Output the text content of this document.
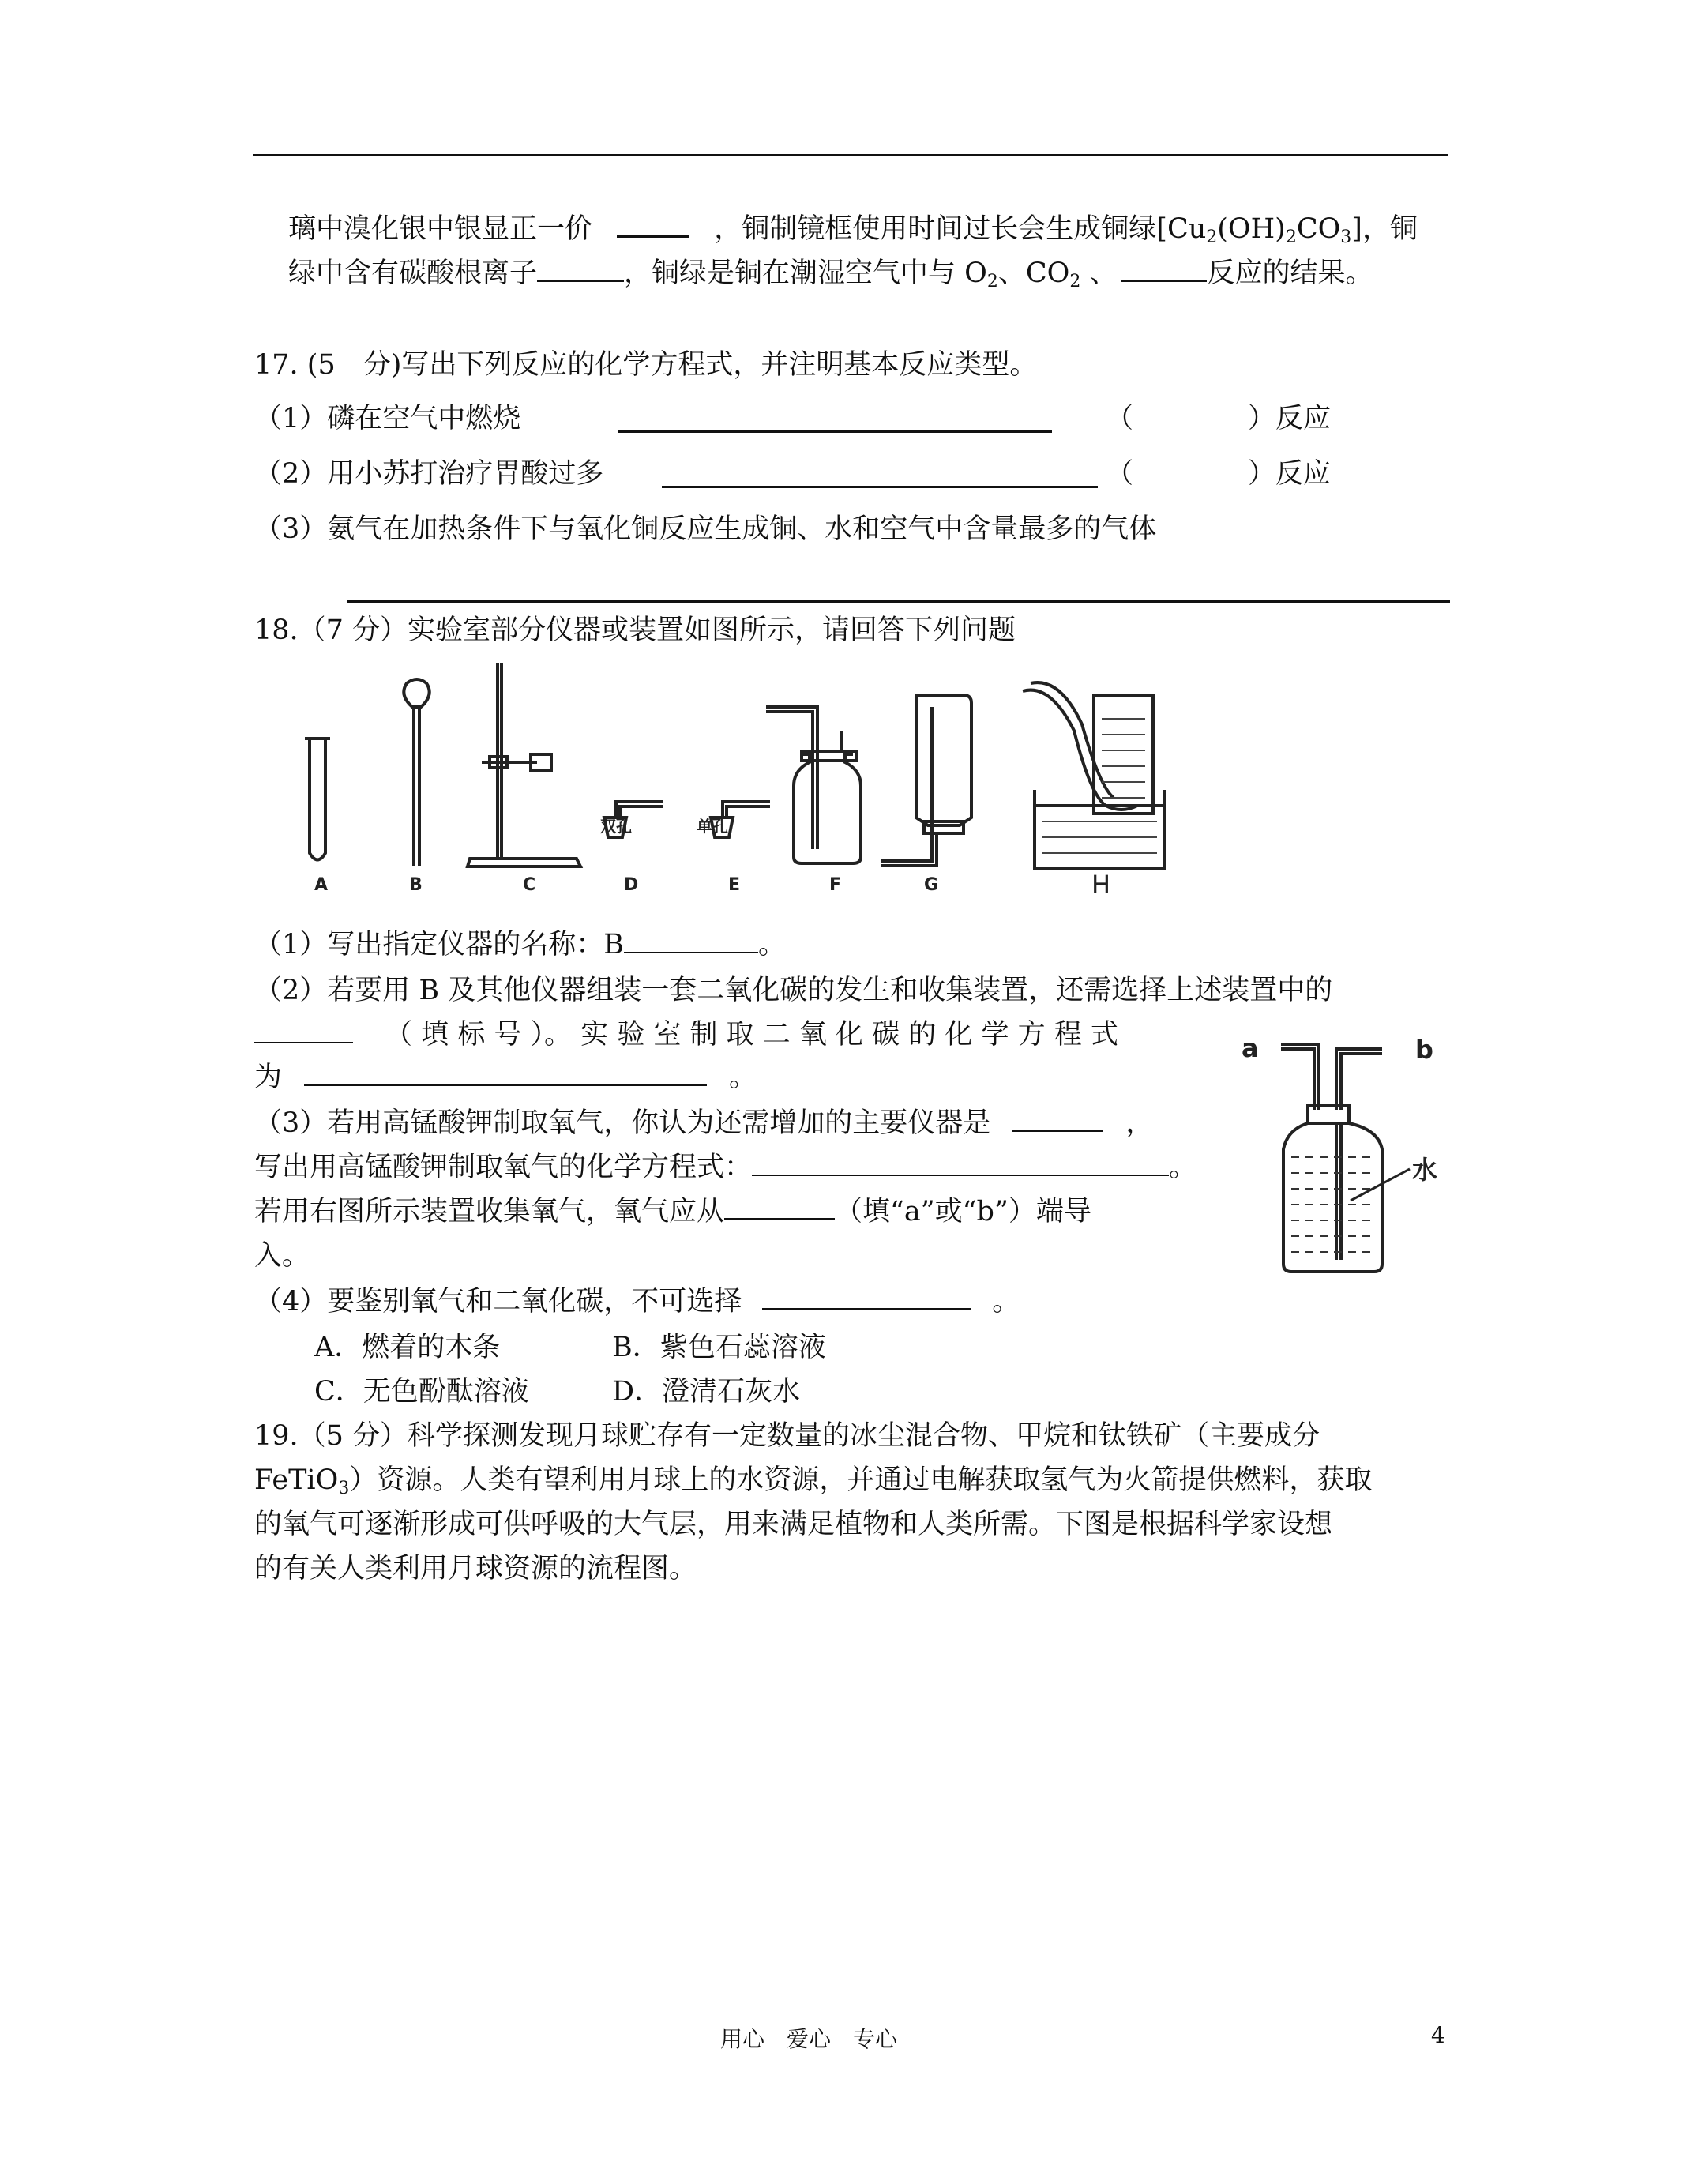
璃中溴化银中银显正一价	，铜制镜框使用时间过长会生成铜绿$[Cu_2(OH)_2CO_3]$，铜
绿中含有碳酸根离子	，铜绿是铜在潮湿空气中与 $O_2$、$CO_2$ 、	反应的结果。
17. (5　分)写出下列反应的化学方程式，并注明基本反应类型。
（1）磷在空气中燃烧	（	）反应
（2）用小苏打治疗胃酸过多	（	）反应
（3）氨气在加热条件下与氧化铜反应生成铜、水和空气中含量最多的气体
18.（7 分）实验室部分仪器或装置如图所示，请回答下列问题
A	B	C	D	E	F	G	H
双孔	单孔
（1）写出指定仪器的名称：B	。
（2）若要用 B 及其他仪器组装一套二氧化碳的发生和收集装置，还需选择上述装置中的
（ 填 标 号 ）。 实 验 室 制 取 二 氧 化 碳 的 化 学 方 程 式
为	。
（3）若用高锰酸钾制取氧气，你认为还需增加的主要仪器是	，
写出用高锰酸钾制取氧气的化学方程式：	。
若用右图所示装置收集氧气，氧气应从	（填“a”或“b”）端导
入。
a	b
水
（4）要鉴别氧气和二氧化碳，不可选择	。
A．燃着的木条	B．紫色石蕊溶液
C．无色酚酞溶液	D．澄清石灰水
19.（5 分）科学探测发现月球贮存有一定数量的冰尘混合物、甲烷和钛铁矿（主要成分
FeTiO$_3$）资源。人类有望利用月球上的水资源，并通过电解获取氢气为火箭提供燃料，获取
的氧气可逐渐形成可供呼吸的大气层，用来满足植物和人类所需。下图是根据科学家设想
的有关人类利用月球资源的流程图。
用心　爱心　专心	4
